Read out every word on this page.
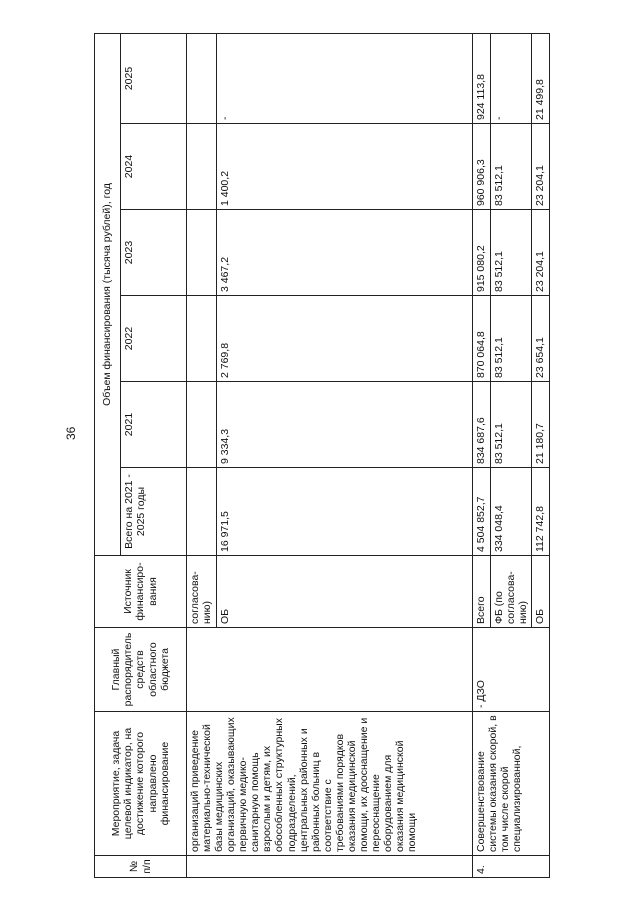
36
№ п/п	Мероприятие, задача целевой индикатор, на достижение которого направлено финансирование	Главный распорядитель средств областного бюджета	Источник финансиро-вания	Объем финансирования (тысяча рублей), год					
				Всего на 2021 - 2025 годы	2021	2022	2023	2024	2025
	организаций приведение материально-технической базы медицинских организаций, оказывающих первичную медико-санитарную помощь взрослым и детям, их обособленных структурных подразделений, центральных районных и районных больниц в соответствие с требованиями порядков оказания медицинской помощи, их дооснащение и переоснащение оборудованием для оказания медицинской помощи		согласова-нию)						
			ОБ	16 971,5	9 334,3	2 769,8	3 467,2	1 400,2	-
4.	Совершенствование системы оказания скорой, в том числе скорой специализированной,	- ДЗО	Всего	4 504 852,7	834 687,6	870 064,8	915 080,2	960 906,3	924 113,8
			ФБ (по согласова-нию)	334 048,4	83 512,1	83 512,1	83 512,1	83 512,1	-
			ОБ	112 742,8	21 180,7	23 654,1	23 204,1	23 204,1	21 499,8
